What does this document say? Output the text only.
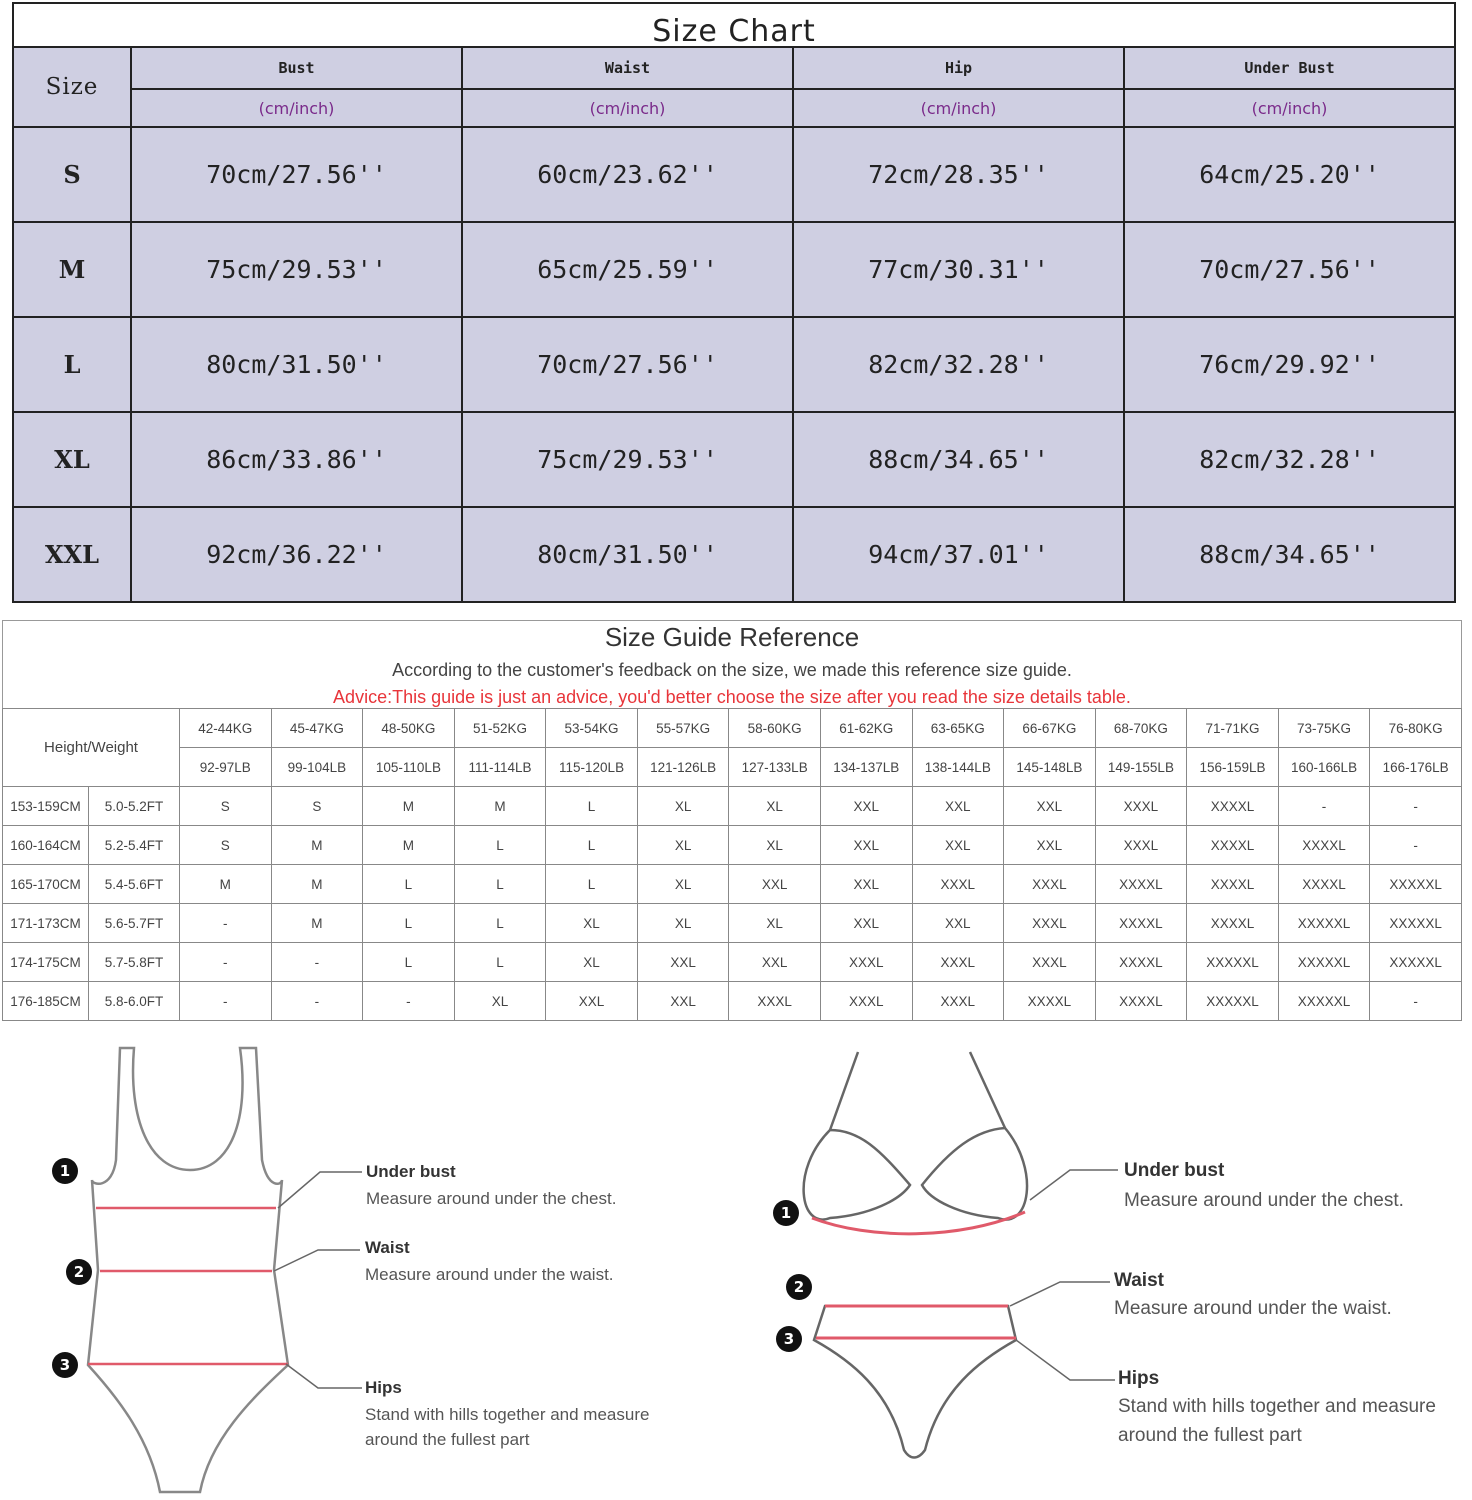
Size Chart
Size	Bust	Waist	Hip	Under Bust
	(cm/inch)	(cm/inch)	(cm/inch)	(cm/inch)
S	70cm/27.56''	60cm/23.62''	72cm/28.35''	64cm/25.20''
M	75cm/29.53''	65cm/25.59''	77cm/30.31''	70cm/27.56''
L	80cm/31.50''	70cm/27.56''	82cm/32.28''	76cm/29.92''
XL	86cm/33.86''	75cm/29.53''	88cm/34.65''	82cm/32.28''
XXL	92cm/36.22''	80cm/31.50''	94cm/37.01''	88cm/34.65''
Size Guide Reference
According to the customer's feedback on the size, we made this reference size guide.
Advice:This guide is just an advice, you'd better choose the size after you read the size details table.
Height/Weight		42-44KG	45-47KG	48-50KG	51-52KG	53-54KG	55-57KG	58-60KG	61-62KG	63-65KG	66-67KG	68-70KG	71-71KG	73-75KG	76-80KG
		92-97LB	99-104LB	105-110LB	111-114LB	115-120LB	121-126LB	127-133LB	134-137LB	138-144LB	145-148LB	149-155LB	156-159LB	160-166LB	166-176LB
153-159CM	5.0-5.2FT	S	S	M	M	L	XL	XL	XXL	XXL	XXL	XXXL	XXXXL	-	-
160-164CM	5.2-5.4FT	S	M	M	L	L	XL	XL	XXL	XXL	XXL	XXXL	XXXXL	XXXXL	-
165-170CM	5.4-5.6FT	M	M	L	L	L	XL	XXL	XXL	XXXL	XXXL	XXXXL	XXXXL	XXXXL	XXXXXL
171-173CM	5.6-5.7FT	-	M	L	L	XL	XL	XL	XXL	XXL	XXXL	XXXXL	XXXXL	XXXXXL	XXXXXL
174-175CM	5.7-5.8FT	-	-	L	L	XL	XXL	XXL	XXXL	XXXL	XXXL	XXXXL	XXXXXL	XXXXXL	XXXXXL
176-185CM	5.8-6.0FT	-	-	-	XL	XXL	XXL	XXXL	XXXL	XXXL	XXXXL	XXXXL	XXXXXL	XXXXXL	-
1
2
3
1
2
3
Under bust
Measure around under the chest.
Waist
Measure around under the waist.
Hips
Stand with hills together and measure
around the fullest part
Under bust
Measure around under the chest.
Waist
Measure around under the waist.
Hips
Stand with hills together and measure
around the fullest part
